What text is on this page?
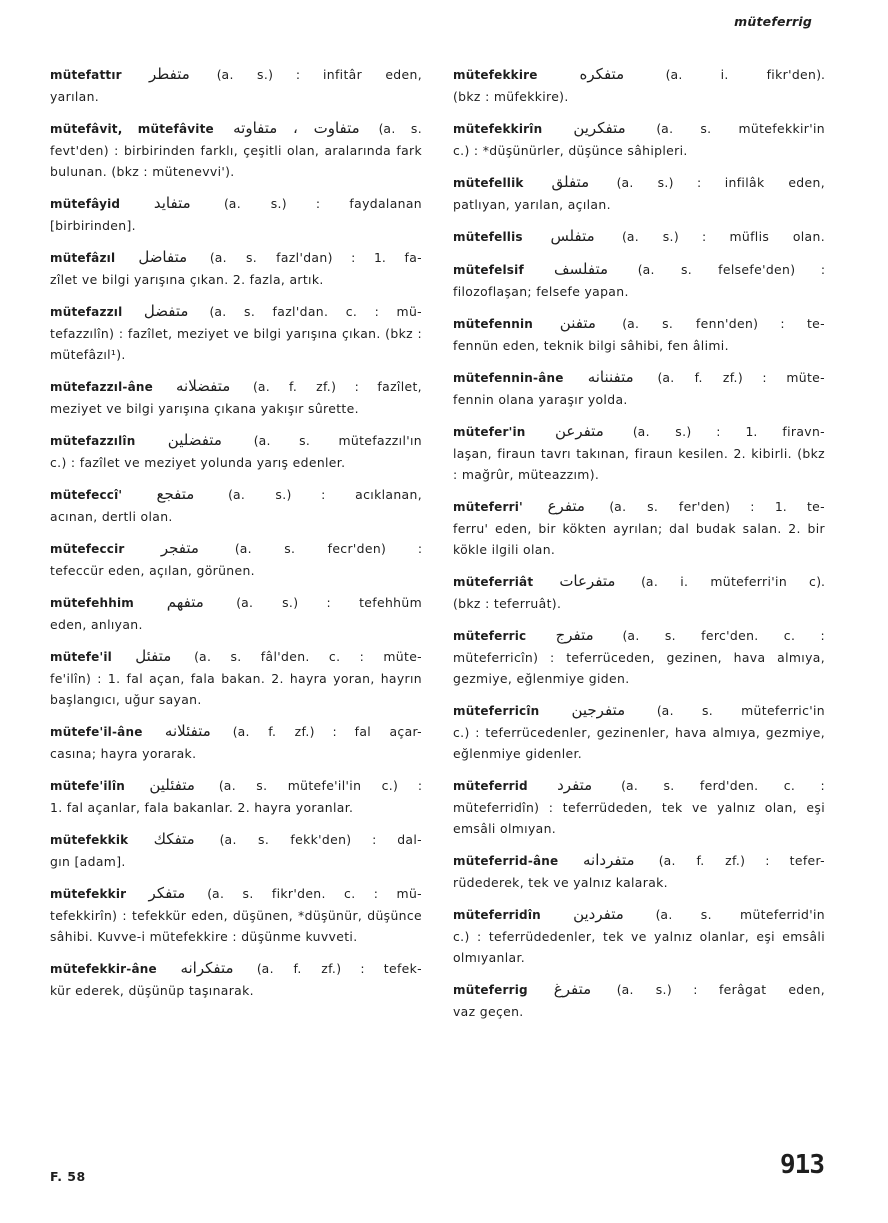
müteferrig
mütefattır متفطر (a. s.) : infitâr eden,
yarılan.
mütefâvit, mütefâvite متفاوت ، متفاوته (a. s.
fevt'den) : birbirinden farklı, çeşitli olan, aralarında fark bulunan. (bkz : mütenevvi').
mütefâyid متفايد	(a. s.) : faydalanan
[birbirinden].
mütefâzıl متفاضل (a. s. fazl'dan) : 1. fa-
zîlet ve bilgi yarışına çıkan. 2. fazla, artık.
mütefazzıl متفضل (a. s. fazl'dan. c. : mü-
tefazzılîn) : fazîlet, meziyet ve bilgi yarışına çıkan. (bkz : mütefâzıl¹).
mütefazzıl-âne متفضلانه (a. f. zf.) : fazîlet,
meziyet ve bilgi yarışına çıkana yakışır sûrette.
mütefazzılîn متفضلين	(a. s. mütefazzıl'ın
c.) : fazîlet ve meziyet yolunda yarış edenler.
mütefeccî' متفجع	(a. s.) : acıklanan,
acınan, dertli olan.
mütefeccir متفجر	(a. s. fecr'den) :
tefeccür eden, açılan, görünen.
mütefehhim متفهم	(a. s.) : tefehhüm
eden, anlıyan.
mütefe'il متفئل (a. s. fâl'den. c. : müte-
fe'ilîn) : 1. fal açan, fala bakan. 2. hayra yoran, hayrın başlangıcı, uğur sayan.
mütefe'il-âne متفئلانه (a. f. zf.) : fal açar-
casına; hayra yorarak.
mütefe'ilîn متفئلين (a. s. mütefe'il'in c.) :
1. fal açanlar, fala bakanlar. 2. hayra yoranlar.
mütefekkik متفكك (a. s. fekk'den) : dal-
gın [adam].
mütefekkir متفكر (a. s. fikr'den. c. : mü-
tefekkirîn) : tefekkür eden, düşünen, *düşünür, düşünce sâhibi. Kuvve-i mütefekkire : düşünme kuvveti.
mütefekkir-âne متفكرانه (a. f. zf.) : tefek-
kür ederek, düşünüp taşınarak.
mütefekkire	متفكره	(a. i. fikr'den).
(bkz : müfekkire).
mütefekkirîn متفكرين (a. s. mütefekkir'in
c.) : *düşünürler, düşünce sâhipleri.
mütefellik متفلق (a. s.) : infilâk eden,
patlıyan, yarılan, açılan.
mütefellis متفلس (a. s.) : müflis olan.
mütefelsif متفلسف (a. s. felsefe'den) :
filozoflaşan; felsefe yapan.
mütefennin متفنن (a. s. fenn'den) : te-
fennün eden, teknik bilgi sâhibi, fen âlimi.
mütefennin-âne متفننانه (a. f. zf.) : müte-
fennin olana yaraşır yolda.
mütefer'in متفرعن (a. s.) : 1. firavn-
laşan, firaun tavrı takınan, firaun kesilen. 2. kibirli. (bkz : mağrûr, müteazzım).
müteferri' متفرع (a. s. fer'den) : 1. te-
ferru' eden, bir kökten ayrılan; dal budak salan. 2. bir kökle ilgili olan.
müteferriât متفرعات (a. i. müteferri'in c).
(bkz : teferruât).
müteferric متفرج (a. s. ferc'den. c. :
müteferricîn) : teferrüceden, gezinen, hava almıya, gezmiye, eğlenmiye giden.
müteferricîn متفرجين	(a. s. müteferric'in
c.) : teferrücedenler, gezinenler, hava almıya, gezmiye, eğlenmiye gidenler.
müteferrid متفرد (a. s. ferd'den. c. :
müteferridîn) : teferrüdeden, tek ve yalnız olan, eşi emsâli olmıyan.
müteferrid-âne متفردانه (a. f. zf.) : tefer-
rüdederek, tek ve yalnız kalarak.
müteferridîn متفردين	(a. s. müteferrid'in
c.) : teferrüdedenler, tek ve yalnız olanlar, eşi emsâli olmıyanlar.
müteferrig متفرغ (a. s.) : ferâgat eden,
vaz geçen.
F. 58	913
